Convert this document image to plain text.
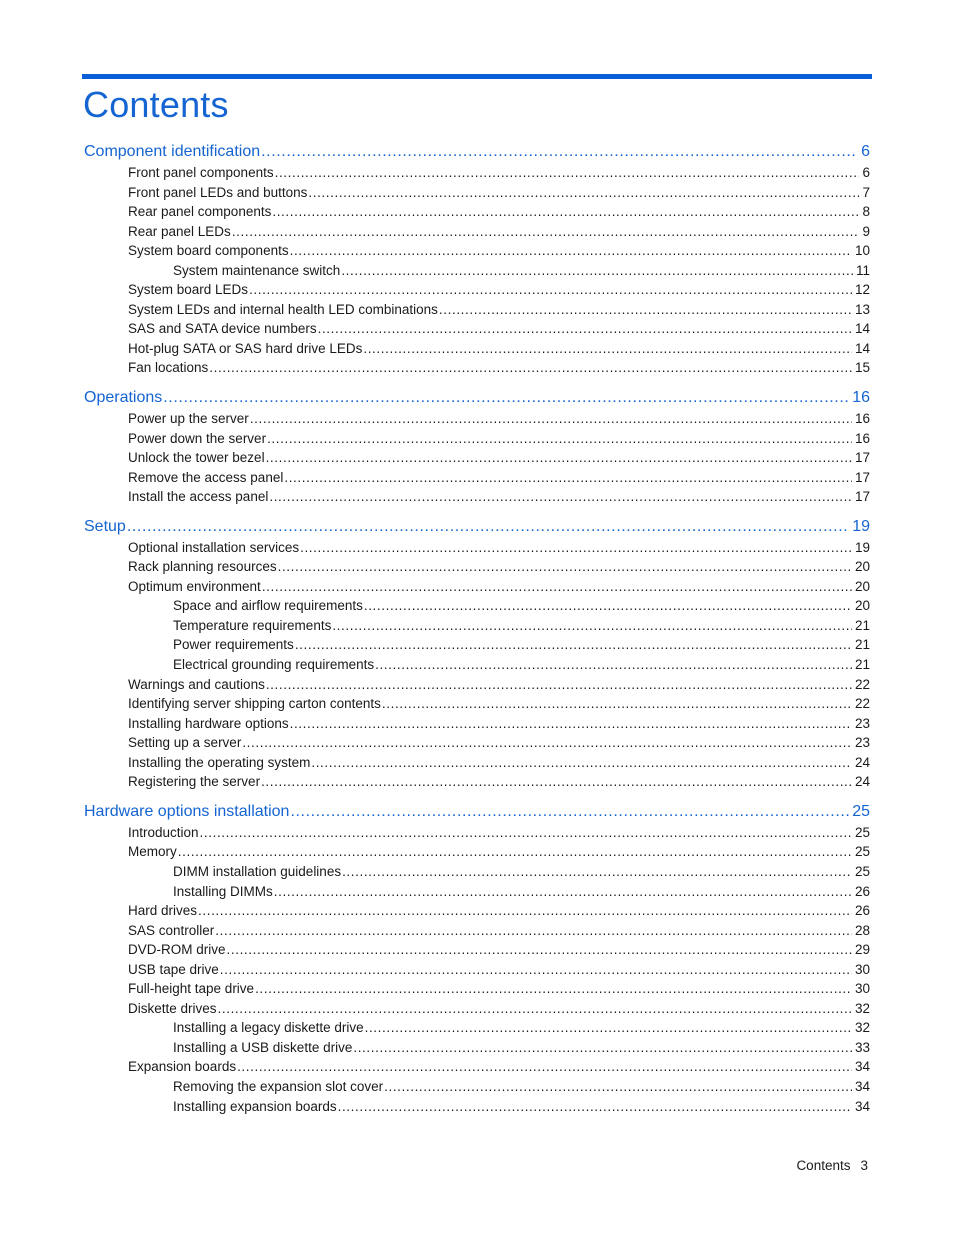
Contents
Component identification .....	6
Front panel components .....	6
Front panel LEDs and buttons .....	7
Rear panel components .....	8
Rear panel LEDs .....	9
System board components .....	10
System maintenance switch .....	11
System board LEDs .....	12
System LEDs and internal health LED combinations .....	13
SAS and SATA device numbers .....	14
Hot-plug SATA or SAS hard drive LEDs .....	14
Fan locations .....	15
Operations .....	16
Power up the server .....	16
Power down the server .....	16
Unlock the tower bezel .....	17
Remove the access panel .....	17
Install the access panel .....	17
Setup .....	19
Optional installation services .....	19
Rack planning resources .....	20
Optimum environment .....	20
Space and airflow requirements .....	20
Temperature requirements .....	21
Power requirements .....	21
Electrical grounding requirements .....	21
Warnings and cautions .....	22
Identifying server shipping carton contents .....	22
Installing hardware options .....	23
Setting up a server .....	23
Installing the operating system .....	24
Registering the server .....	24
Hardware options installation .....	25
Introduction .....	25
Memory .....	25
DIMM installation guidelines .....	25
Installing DIMMs .....	26
Hard drives .....	26
SAS controller .....	28
DVD-ROM drive .....	29
USB tape drive .....	30
Full-height tape drive .....	30
Diskette drives .....	32
Installing a legacy diskette drive .....	32
Installing a USB diskette drive .....	33
Expansion boards .....	34
Removing the expansion slot cover .....	34
Installing expansion boards .....	34
Contents 3
